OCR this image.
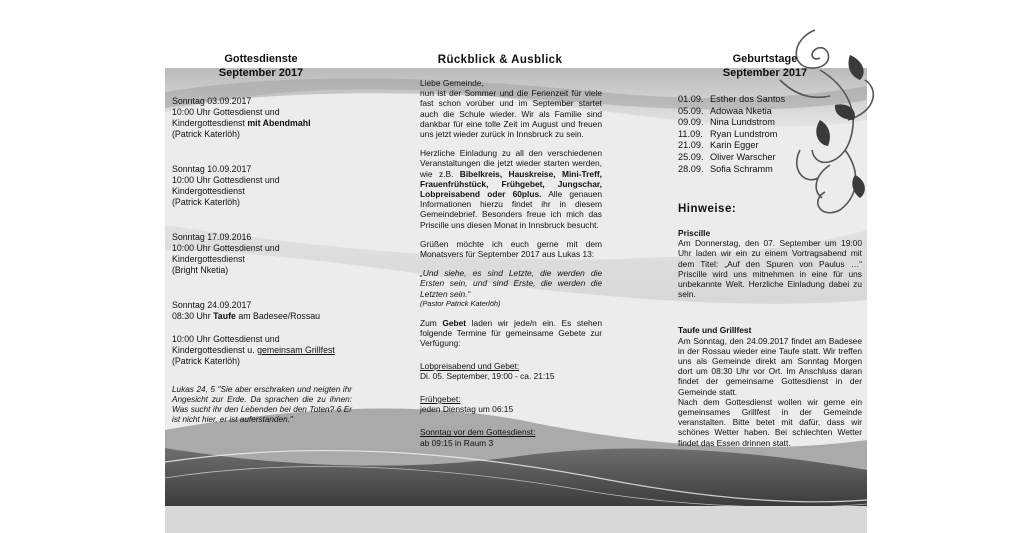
Gottesdienste
September 2017
Rückblick & Ausblick	Geburtstage
September 2017
Sonntag 03.09.2017
10:00 Uhr Gottesdienst und
Kindergottesdienst mit Abendmahl
(Patrick Katerlöh)
Sonntag 10.09.2017
10:00 Uhr Gottesdienst und
Kindergottesdienst
(Patrick Katerlöh)
Sonntag 17.09.2016
10:00 Uhr Gottesdienst und
Kindergottesdienst
(Bright Nketia)
Sonntag 24.09.2017
08:30 Uhr Taufe am Badesee/Rossau
10:00 Uhr Gottesdienst und
Kindergottesdienst u. gemeinsam Grillfest
(Patrick Katerlöh)
Lukas 24, 5 "Sie aber erschraken und neigten ihr Angesicht zur Erde. Da sprachen die zu ihnen: Was sucht ihr den Lebenden bei den Toten? 6 Er ist nicht hier, er ist auferstanden."
Liebe Gemeinde,

nun ist der Sommer und die Ferienzeit für viele fast schon vorüber und im September startet auch die Schule wieder. Wir als Familie sind dankbar für eine tolle Zeit im August und freuen uns jetzt wieder zurück in Innsbruck zu sein.

Herzliche Einladung zu all den verschiedenen Veranstaltungen die jetzt wieder starten werden, wie z.B. Bibelkreis, Hauskreise, Mini-Treff, Frauenfrühstück, Frühgebet, Jungschar, Lobpreisabend oder 60plus. Alle genauen Informationen hierzu findet ihr in diesem Gemeindebrief. Besonders freue ich mich das Priscille uns diesen Monat in Innsbruck besucht.

Grüßen möchte ich euch gerne mit dem Monatsvers für September 2017 aus Lukas 13:

„Und siehe, es sind Letzte, die werden die Ersten sein, und sind Erste, die werden die Letzten sein.“

(Pastor Patrick Katerlöh)

Zum Gebet laden wir jede/n ein. Es stehen folgende Termine für gemeinsame Gebete zur Verfügung:

Lobpreisabend und Gebet:
Di. 05. September, 19:00 - ca. 21:15
Frühgebet:
jeden Dienstag um 06:15
Sonntag vor dem Gottesdienst:
ab 09:15 in Raum 3
01.09. Esther dos Santos
05.09. Adowaa Nketia
09.09. Nina Lundstrom
11.09. Ryan Lundstrom
21.09. Karin Egger
25.09. Oliver Warscher
28.09. Sofia Schramm
Hinweise:
Priscille

Am Donnerstag, den 07. September um 19:00 Uhr laden wir ein zu einem Vortragsabend mit dem Titel: „Auf den Spuren von Paulus …“ Priscille wird uns mitnehmen in eine für uns unbekannte Welt. Herzliche Einladung dabei zu sein.

Taufe und Grillfest

Am Sonntag, den 24.09.2017 findet am Badesee in der Rossau wieder eine Taufe statt. Wir treffen uns als Gemeinde direkt am Sonntag Morgen dort um 08:30 Uhr vor Ort. Im Anschluss daran findet der gemeinsame Gottesdienst in der Gemeinde statt.

Nach dem Gottesdienst wollen wir gerne ein gemeinsames Grillfest in der Gemeinde veranstalten. Bitte betet mit dafür, dass wir schönes Wetter haben. Bei schlechten Wetter findet das Essen drinnen statt.
